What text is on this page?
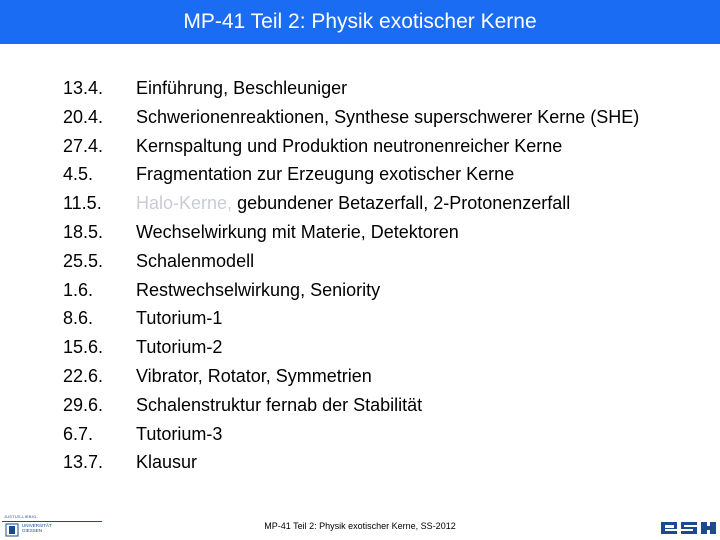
MP-41 Teil 2: Physik exotischer Kerne
13.4.	Einführung, Beschleuniger
20.4.	Schwerionenreaktionen, Synthese superschwerer Kerne (SHE)
27.4.	Kernspaltung und Produktion neutronenreicher Kerne
4.5.	Fragmentation zur Erzeugung exotischer Kerne
11.5.	Halo-Kerne, gebundener Betazerfall, 2-Protonenzerfall
18.5.	Wechselwirkung mit Materie, Detektoren
25.5.	Schalenmodell
1.6.	Restwechselwirkung, Seniority
8.6.	Tutorium-1
15.6.	Tutorium-2
22.6.	Vibrator, Rotator, Symmetrien
29.6.	Schalenstruktur fernab der Stabilität
6.7.	Tutorium-3
13.7.	Klausur
JUSTUS-LIEBIG-
UNIVERSITÄT
GIESSEN	MP-41 Teil 2: Physik exotischer Kerne, SS-2012
